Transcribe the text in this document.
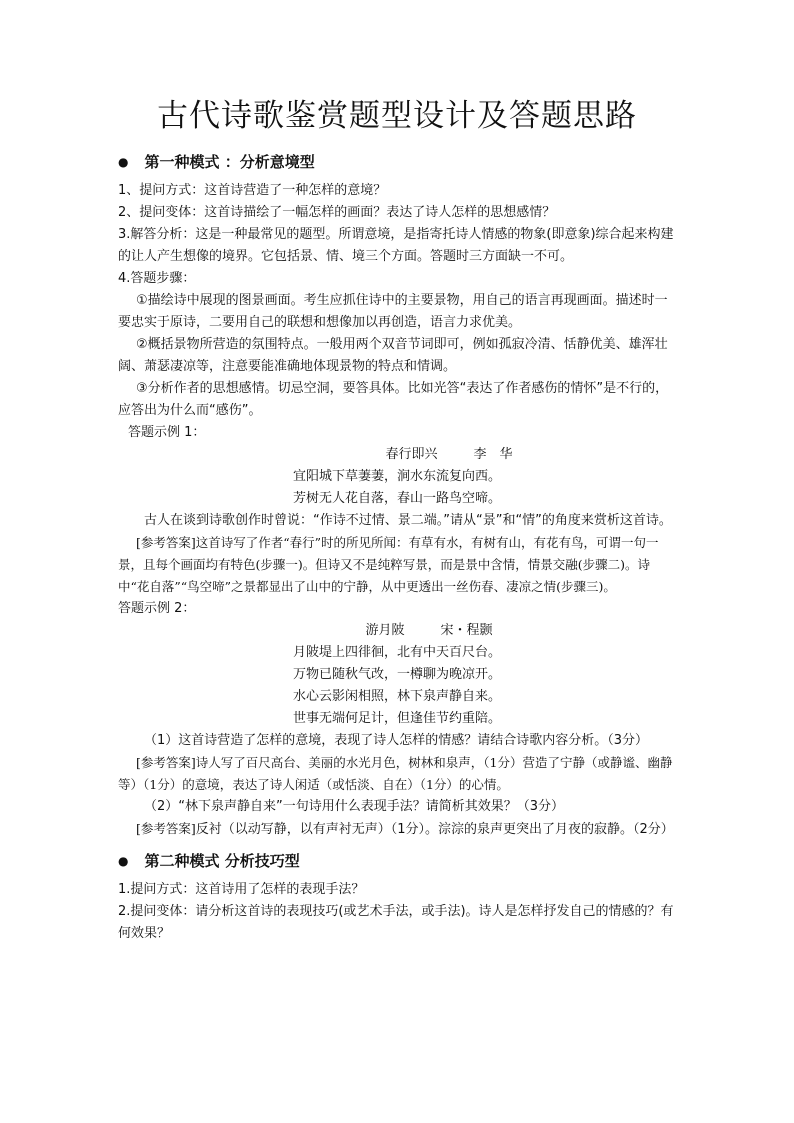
古代诗歌鉴赏题型设计及答题思路
● 第一种模式 ：分析意境型

1、提问方式：这首诗营造了一种怎样的意境？

2、提问变体：这首诗描绘了一幅怎样的画面？表达了诗人怎样的思想感情？

3.解答分析：这是一种最常见的题型。所谓意境，是指寄托诗人情感的物象(即意象)综合起来构建的让人产生想像的境界。它包括景、情、境三个方面。答题时三方面缺一不可。

4.答题步骤：

①描绘诗中展现的图景画面。考生应抓住诗中的主要景物，用自己的语言再现画面。描述时一要忠实于原诗，二要用自己的联想和想像加以再创造，语言力求优美。

②概括景物所营造的氛围特点。一般用两个双音节词即可，例如孤寂冷清、恬静优美、雄浑壮阔、萧瑟凄凉等，注意要能准确地体现景物的特点和情调。

③分析作者的思想感情。切忌空洞，要答具体。比如光答“表达了作者感伤的情怀”是不行的，应答出为什么而“感伤”。

答题示例 1：

春行即兴	李　华

宜阳城下草萋萋，涧水东流复向西。

芳树无人花自落，春山一路鸟空啼。

古人在谈到诗歌创作时曾说：“作诗不过情、景二端。”请从“景”和“情”的角度来赏析这首诗。

[参考答案]这首诗写了作者“春行”时的所见所闻：有草有水，有树有山，有花有鸟，可谓一句一景，且每个画面均有特色(步骤一)。但诗又不是纯粹写景，而是景中含情，情景交融(步骤二)。诗中“花自落”“鸟空啼”之景都显出了山中的宁静，从中更透出一丝伤春、凄凉之情(步骤三)。

答题示例 2：

游月陂	宋・程颢

月陂堤上四徘徊，北有中天百尺台。

万物已随秋气改，一樽聊为晚凉开。

水心云影闲相照，林下泉声静自来。

世事无端何足计，但逢佳节约重陪。

（1）这首诗营造了怎样的意境，表现了诗人怎样的情感？请结合诗歌内容分析。（3分）

[参考答案]诗人写了百尺高台、美丽的水光月色，树林和泉声，（1分）营造了宁静（或静谧、幽静等）（1分）的意境，表达了诗人闲适（或恬淡、自在）（1分）的心情。

（2）“林下泉声静自来”一句诗用什么表现手法？请简析其效果？（3分）

[参考答案]反衬（以动写静，以有声衬无声）（1分）。淙淙的泉声更突出了月夜的寂静。（2分）

● 第二种模式 分析技巧型

1.提问方式：这首诗用了怎样的表现手法？

2.提问变体：请分析这首诗的表现技巧(或艺术手法，或手法)。诗人是怎样抒发自己的情感的？有何效果？
